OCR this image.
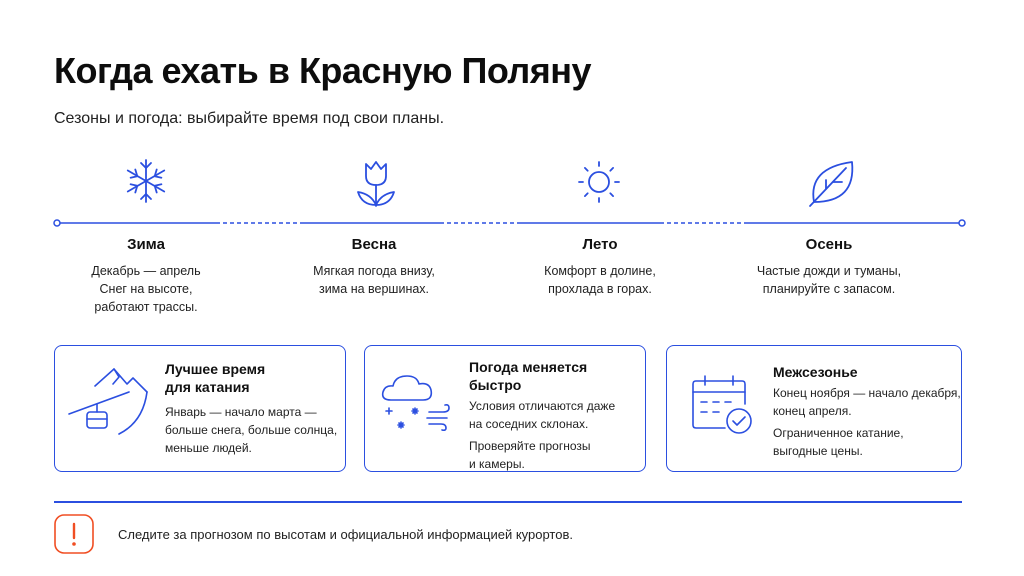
Когда ехать в Красную Поляну

Сезоны и погода: выбирайте время под свои планы.

Зима
Декабрь — апрель
Снег на высоте,
работают трассы.
Весна
Мягкая погода внизу,
зима на вершинах.
Лето
Комфорт в долине,
прохлада в горах.
Осень
Частые дожди и туманы,
планируйте с запасом.
Лучшее время
для катания
Январь — начало марта —
больше снега, больше солнца,
меньше людей.
Погода меняется
быстро
Условия отличаются даже
на соседних склонах.
Проверяйте прогнозы
и камеры.
Межсезонье
Конец ноября — начало декабря,
конец апреля.
Ограниченное катание,
выгодные цены.
Следите за прогнозом по высотам и официальной информацией курортов.
